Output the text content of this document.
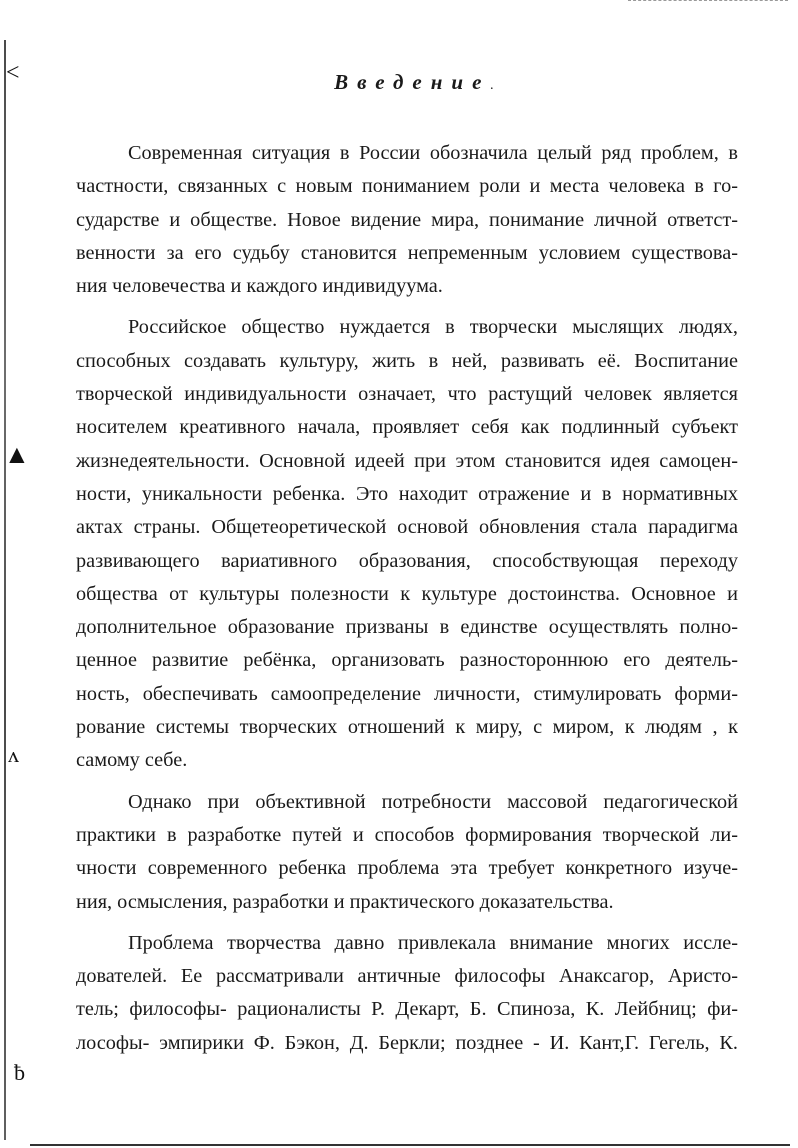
˂
▲
ʌ
ƀ
Введение.
Современная ситуация в России обозначила целый ряд проблем, в
частности, связанных с новым пониманием роли и места человека в го-
сударстве и обществе. Новое видение мира, понимание личной ответст-
венности за его судьбу становится непременным условием существова-
ния человечества и каждого индивидуума.
Российское общество нуждается в творчески мыслящих людях,
способных создавать культуру, жить в ней, развивать её. Воспитание
творческой индивидуальности означает, что растущий человек является
носителем креативного начала, проявляет себя как подлинный субъект
жизнедеятельности. Основной идеей при этом становится идея самоцен-
ности, уникальности ребенка. Это находит отражение и в нормативных
актах страны. Общетеоретической основой обновления стала парадигма
развивающего вариативного образования, способствующая переходу
общества от культуры полезности к культуре достоинства. Основное и
дополнительное образование призваны в единстве осуществлять полно-
ценное развитие ребёнка, организовать разностороннюю его деятель-
ность, обеспечивать самоопределение личности, стимулировать форми-
рование системы творческих отношений к миру, с миром, к людям , к
самому себе.
Однако при объективной потребности массовой педагогической
практики в разработке путей и способов формирования творческой ли-
чности современного ребенка проблема эта требует конкретного изуче-
ния, осмысления, разработки и практического доказательства.
Проблема творчества давно привлекала внимание многих иссле-
дователей. Ее рассматривали античные философы Анаксагор, Аристо-
тель; философы- рационалисты Р. Декарт, Б. Спиноза, К. Лейбниц; фи-
лософы- эмпирики Ф. Бэкон, Д. Беркли; позднее - И. Кант,Г. Гегель, К.
